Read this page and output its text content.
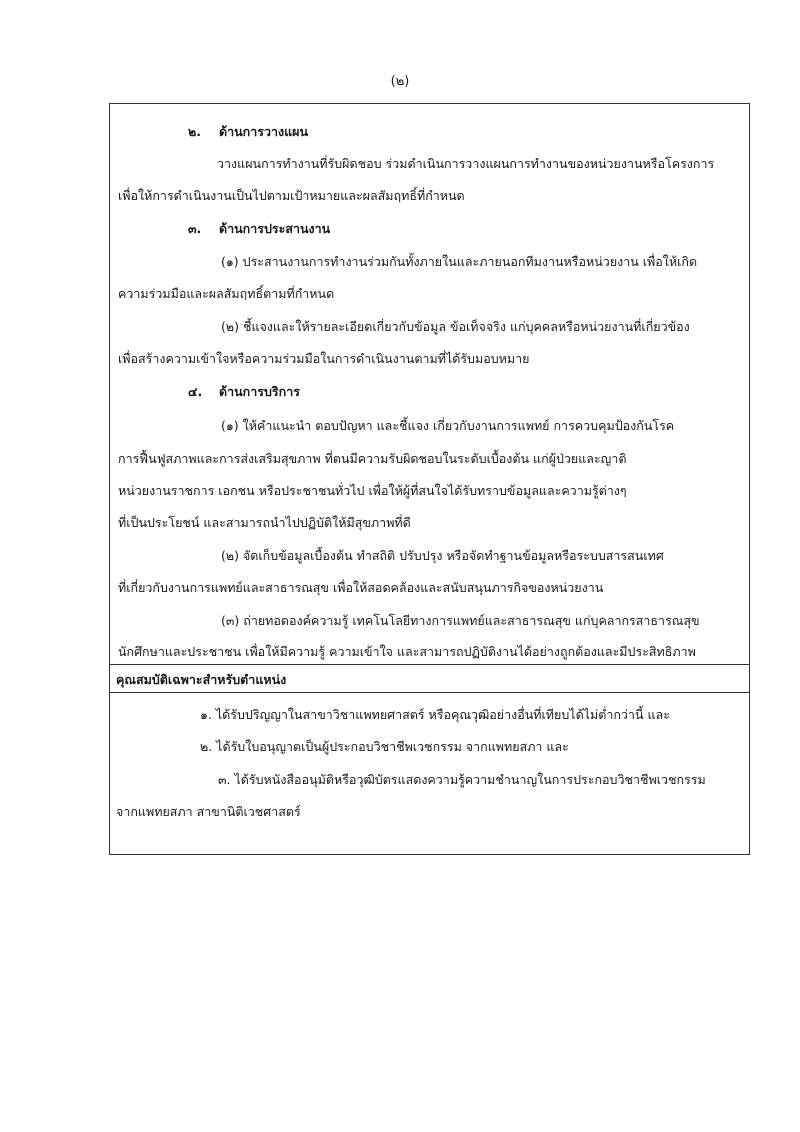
(๒)
๒. ด้านการวางแผน
วางแผนการทำงานที่รับผิดชอบ ร่วมดำเนินการวางแผนการทำงานของหน่วยงานหรือโครงการ
เพื่อให้การดำเนินงานเป็นไปตามเป้าหมายและผลสัมฤทธิ์ที่กำหนด
๓. ด้านการประสานงาน
(๑) ประสานงานการทำงานร่วมกันทั้งภายในและภายนอกทีมงานหรือหน่วยงาน เพื่อให้เกิด
ความร่วมมือและผลสัมฤทธิ์ตามที่กำหนด
(๒) ชี้แจงและให้รายละเอียดเกี่ยวกับข้อมูล ข้อเท็จจริง แก่บุคคลหรือหน่วยงานที่เกี่ยวข้อง
เพื่อสร้างความเข้าใจหรือความร่วมมือในการดำเนินงานตามที่ได้รับมอบหมาย
๔. ด้านการบริการ
(๑) ให้คำแนะนำ ตอบปัญหา และชี้แจง เกี่ยวกับงานการแพทย์ การควบคุมป้องกันโรค
การฟื้นฟูสภาพและการส่งเสริมสุขภาพ ที่ตนมีความรับผิดชอบในระดับเบื้องต้น แก่ผู้ป่วยและญาติ
หน่วยงานราชการ เอกชน หรือประชาชนทั่วไป เพื่อให้ผู้ที่สนใจได้รับทราบข้อมูลและความรู้ต่างๆ
ที่เป็นประโยชน์ และสามารถนำไปปฏิบัติให้มีสุขภาพที่ดี
(๒) จัดเก็บข้อมูลเบื้องต้น ทำสถิติ ปรับปรุง หรือจัดทำฐานข้อมูลหรือระบบสารสนเทศ
ที่เกี่ยวกับงานการแพทย์และสาธารณสุข เพื่อให้สอดคล้องและสนับสนุนภารกิจของหน่วยงาน
(๓) ถ่ายทอดองค์ความรู้ เทคโนโลยีทางการแพทย์และสาธารณสุข แก่บุคลากรสาธารณสุข
นักศึกษาและประชาชน เพื่อให้มีความรู้ ความเข้าใจ และสามารถปฏิบัติงานได้อย่างถูกต้องและมีประสิทธิภาพ
คุณสมบัติเฉพาะสำหรับตำแหน่ง
๑. ได้รับปริญญาในสาขาวิชาแพทยศาสตร์ หรือคุณวุฒิอย่างอื่นที่เทียบได้ไม่ต่ำกว่านี้ และ
๒. ได้รับใบอนุญาตเป็นผู้ประกอบวิชาชีพเวชกรรม จากแพทยสภา และ
๓. ได้รับหนังสืออนุมัติหรือวุฒิบัตรแสดงความรู้ความชำนาญในการประกอบวิชาชีพเวชกรรม
จากแพทยสภา สาขานิติเวชศาสตร์
